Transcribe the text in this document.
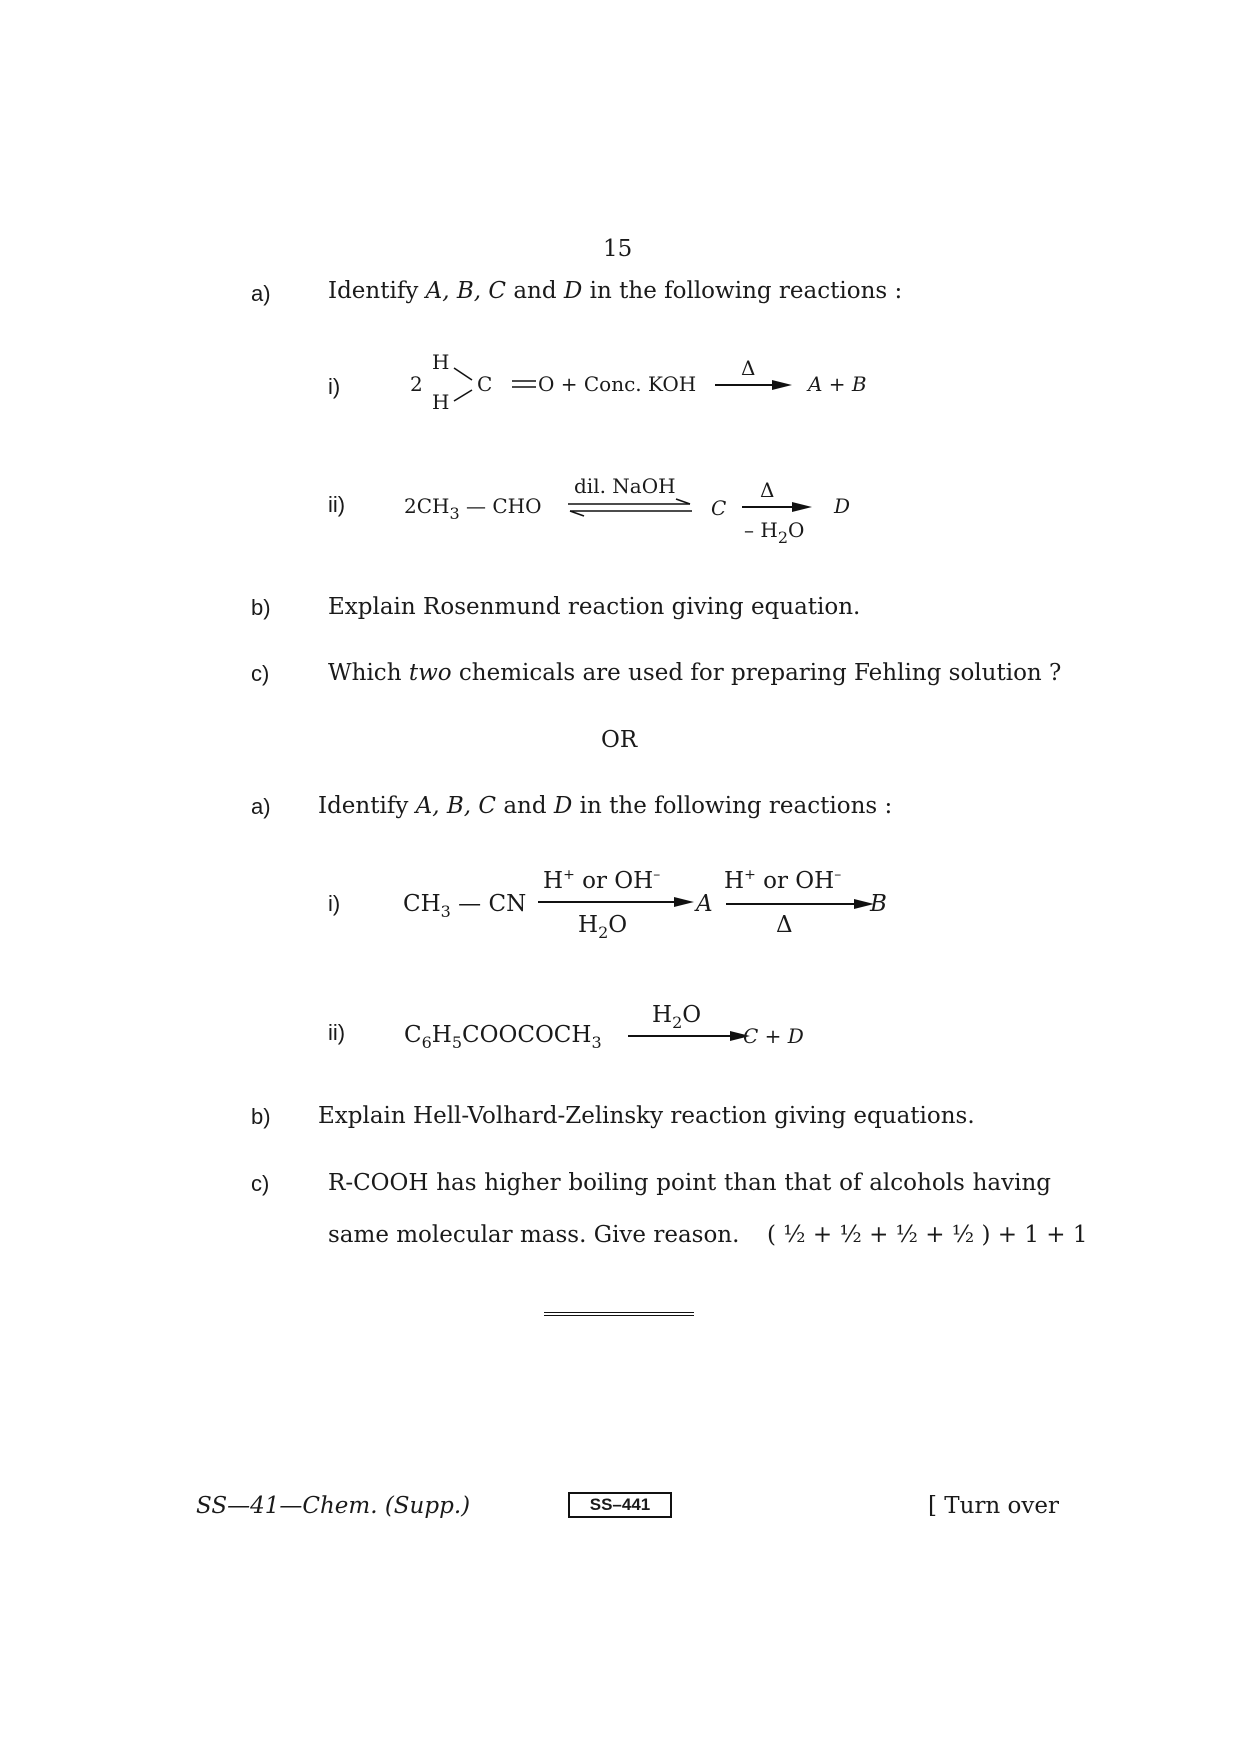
15
a) Identify A, B, C and D in the following reactions :
i)	2
H
H
C O + Conc. KOH
Δ
A + B
ii)	$2CH_3$ — CHO
dil. NaOH
C
Δ
– $H_2O$
D
b) Explain Rosenmund reaction giving equation.
c)	Which two chemicals are used for preparing Fehling solution ?
OR
a) Identify A, B, C and D in the following reactions :
i)	$CH_3$ — CN
H+ or OH–
$H_2O$
A
H+ or OH–
Δ
B
ii)	$C_6H_5COOCOCH_3$
$H_2O$
C + D
b) Explain Hell-Volhard-Zelinsky reaction giving equations.
c)	R-COOH has higher boiling point than that of alcohols having
same molecular mass. Give reason. ( ½ + ½ + ½ + ½ ) + 1 + 1
SS—41—Chem. (Supp.)	SS–441	[ Turn over
